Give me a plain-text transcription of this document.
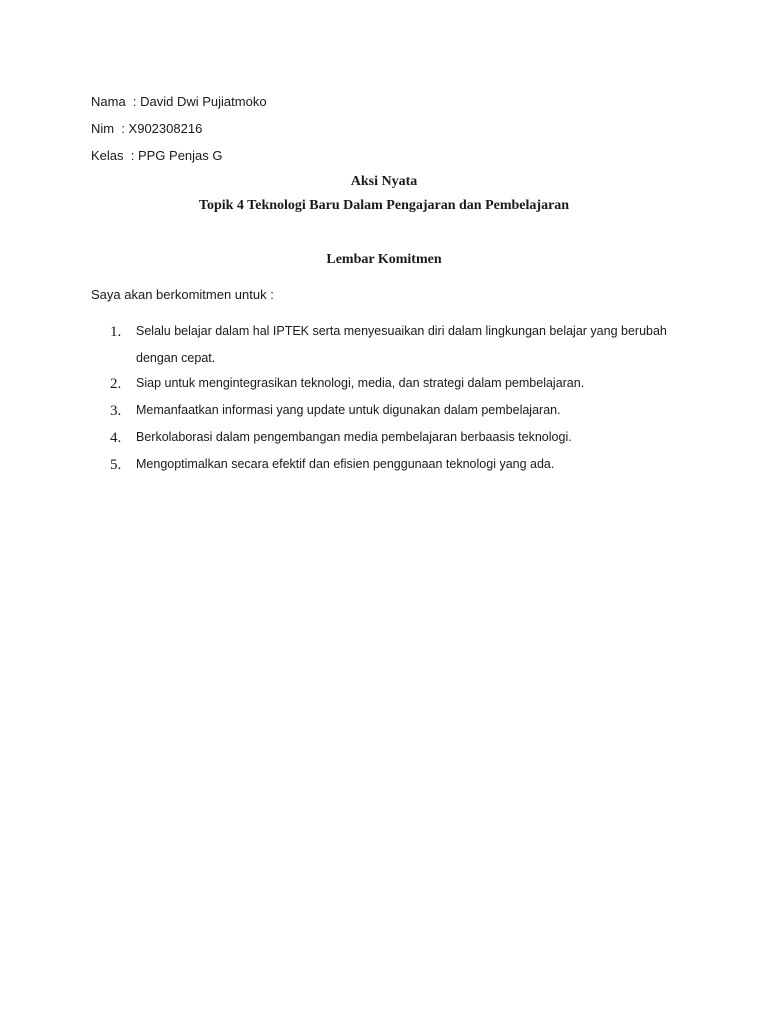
Nama  : David Dwi Pujiatmoko
Nim  : X902308216
Kelas  : PPG Penjas G
Aksi Nyata
Topik 4 Teknologi Baru Dalam Pengajaran dan Pembelajaran
Lembar Komitmen
Saya akan berkomitmen untuk :
1.	Selalu belajar dalam hal IPTEK serta menyesuaikan diri dalam lingkungan belajar yang berubah dengan cepat.
2.	Siap untuk mengintegrasikan teknologi, media, dan strategi dalam pembelajaran.
3.	Memanfaatkan informasi yang update untuk digunakan dalam pembelajaran.
4.	Berkolaborasi dalam pengembangan media pembelajaran berbaasis teknologi.
5.	Mengoptimalkan secara efektif dan efisien penggunaan teknologi yang ada.
